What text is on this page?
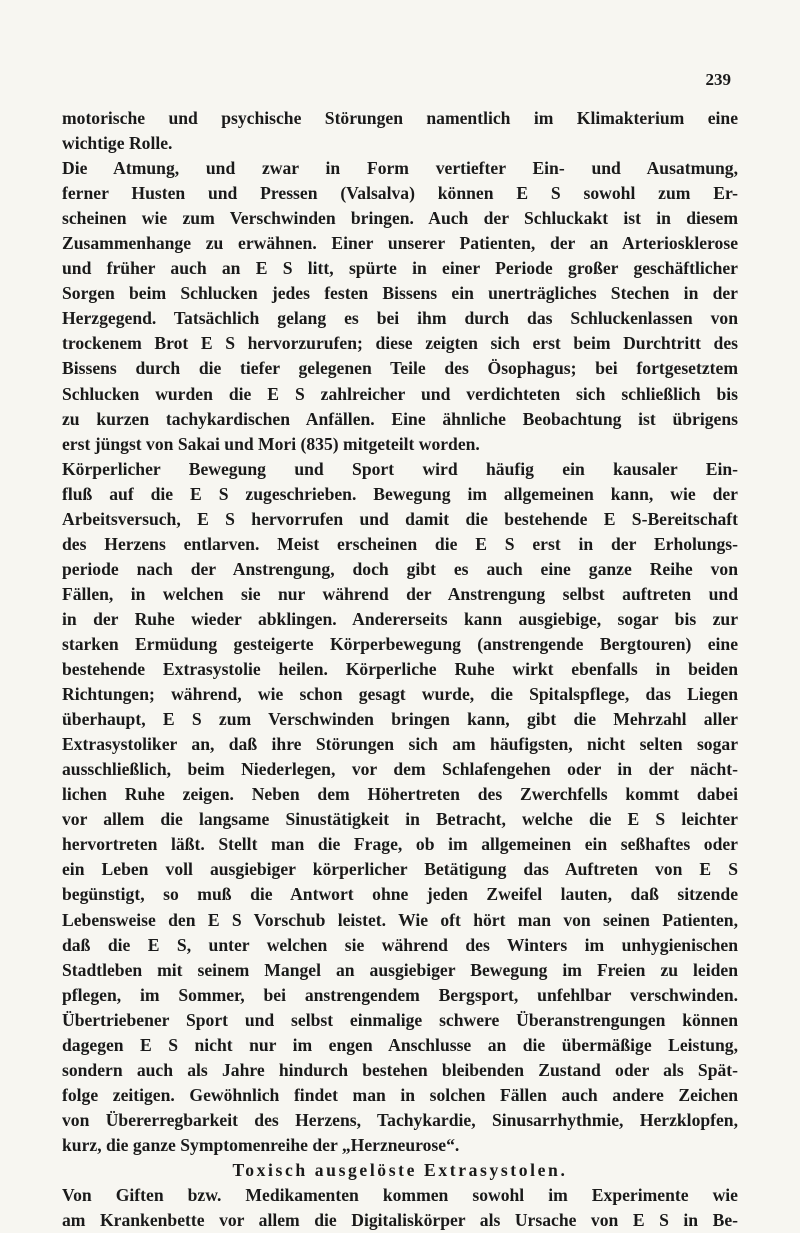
239
motorische und psychische Störungen namentlich im Klimakterium eine
wichtige Rolle.
Die Atmung, und zwar in Form vertiefter Ein- und Ausatmung,
ferner Husten und Pressen (Valsalva) können E S sowohl zum Er-
scheinen wie zum Verschwinden bringen. Auch der Schluckakt ist in diesem
Zusammenhange zu erwähnen. Einer unserer Patienten, der an Arteriosklerose
und früher auch an E S litt, spürte in einer Periode großer geschäftlicher
Sorgen beim Schlucken jedes festen Bissens ein unerträgliches Stechen in der
Herzgegend. Tatsächlich gelang es bei ihm durch das Schluckenlassen von
trockenem Brot E S hervorzurufen; diese zeigten sich erst beim Durchtritt des
Bissens durch die tiefer gelegenen Teile des Ösophagus; bei fortgesetztem
Schlucken wurden die E S zahlreicher und verdichteten sich schließlich bis
zu kurzen tachykardischen Anfällen. Eine ähnliche Beobachtung ist übrigens
erst jüngst von Sakai und Mori (835) mitgeteilt worden.
Körperlicher Bewegung und Sport wird häufig ein kausaler Ein-
fluß auf die E S zugeschrieben. Bewegung im allgemeinen kann, wie der
Arbeitsversuch, E S hervorrufen und damit die bestehende E S-Bereitschaft
des Herzens entlarven. Meist erscheinen die E S erst in der Erholungs-
periode nach der Anstrengung, doch gibt es auch eine ganze Reihe von
Fällen, in welchen sie nur während der Anstrengung selbst auftreten und
in der Ruhe wieder abklingen. Andererseits kann ausgiebige, sogar bis zur
starken Ermüdung gesteigerte Körperbewegung (anstrengende Bergtouren) eine
bestehende Extrasystolie heilen. Körperliche Ruhe wirkt ebenfalls in beiden
Richtungen; während, wie schon gesagt wurde, die Spitalspflege, das Liegen
überhaupt, E S zum Verschwinden bringen kann, gibt die Mehrzahl aller
Extrasystoliker an, daß ihre Störungen sich am häufigsten, nicht selten sogar
ausschließlich, beim Niederlegen, vor dem Schlafengehen oder in der nächt-
lichen Ruhe zeigen. Neben dem Höhertreten des Zwerchfells kommt dabei
vor allem die langsame Sinustätigkeit in Betracht, welche die E S leichter
hervortreten läßt. Stellt man die Frage, ob im allgemeinen ein seßhaftes oder
ein Leben voll ausgiebiger körperlicher Betätigung das Auftreten von E S
begünstigt, so muß die Antwort ohne jeden Zweifel lauten, daß sitzende
Lebensweise den E S Vorschub leistet. Wie oft hört man von seinen Patienten,
daß die E S, unter welchen sie während des Winters im unhygienischen
Stadtleben mit seinem Mangel an ausgiebiger Bewegung im Freien zu leiden
pflegen, im Sommer, bei anstrengendem Bergsport, unfehlbar verschwinden.
Übertriebener Sport und selbst einmalige schwere Überanstrengungen können
dagegen E S nicht nur im engen Anschlusse an die übermäßige Leistung,
sondern auch als Jahre hindurch bestehen bleibenden Zustand oder als Spät-
folge zeitigen. Gewöhnlich findet man in solchen Fällen auch andere Zeichen
von Übererregbarkeit des Herzens, Tachykardie, Sinusarrhythmie, Herzklopfen,
kurz, die ganze Symptomenreihe der „Herzneurose“.
Toxisch ausgelöste Extrasystolen.
Von Giften bzw. Medikamenten kommen sowohl im Experimente wie
am Krankenbette vor allem die Digitaliskörper als Ursache von E S in Be-
